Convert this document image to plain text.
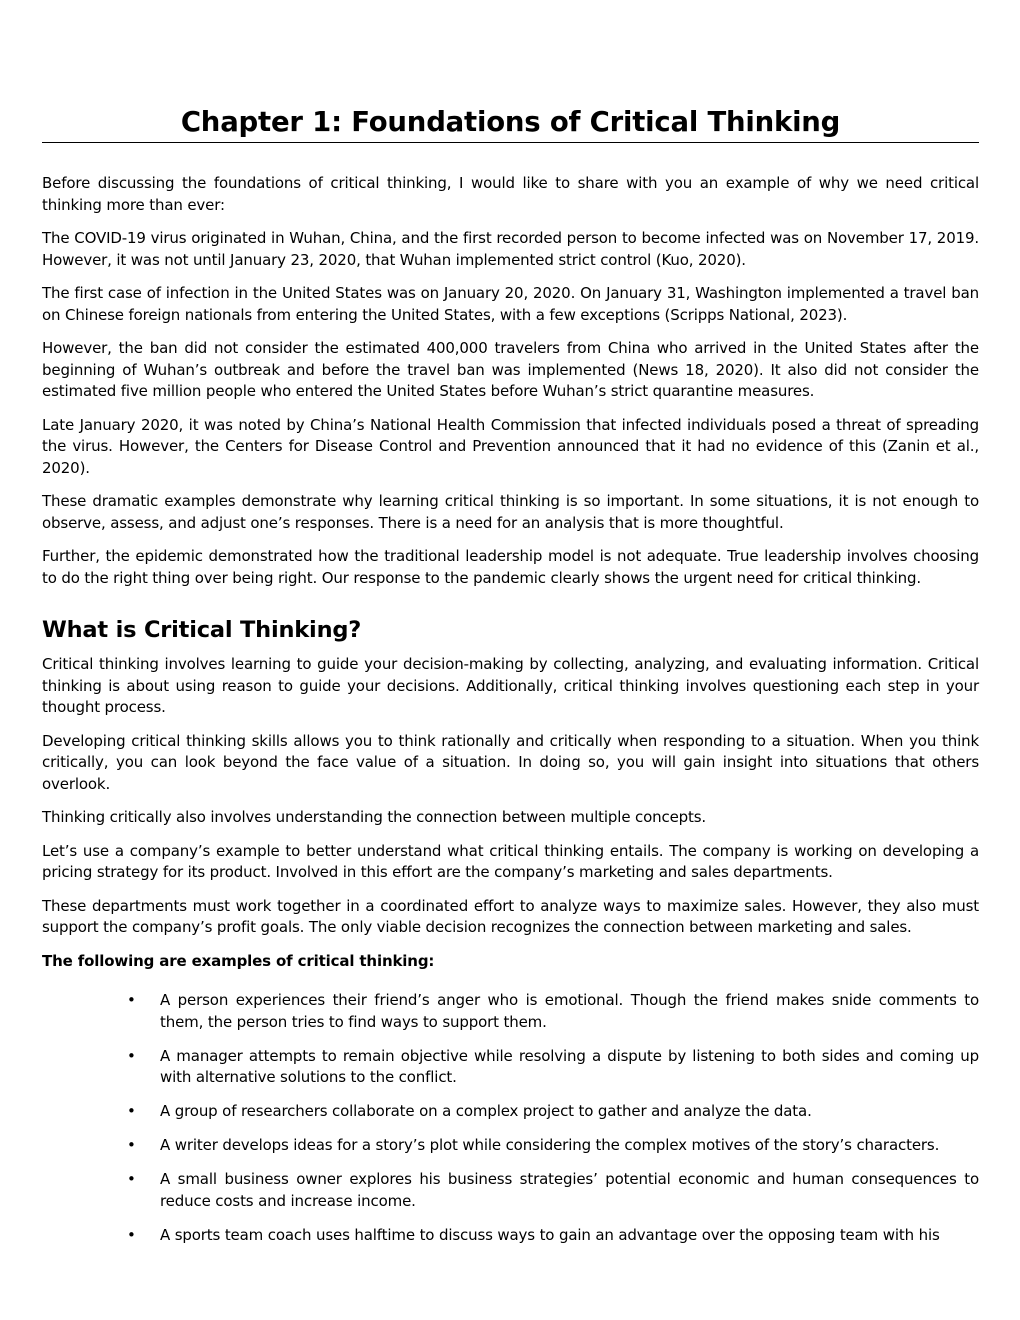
Chapter 1: Foundations of Critical Thinking

Before discussing the foundations of critical thinking, I would like to share with you an example of why we need critical thinking more than ever:

The COVID-19 virus originated in Wuhan, China, and the first recorded person to become infected was on November 17, 2019. However, it was not until January 23, 2020, that Wuhan implemented strict control (Kuo, 2020).

The first case of infection in the United States was on January 20, 2020. On January 31, Washington implemented a travel ban on Chinese foreign nationals from entering the United States, with a few exceptions (Scripps National, 2023).

However, the ban did not consider the estimated 400,000 travelers from China who arrived in the United States after the beginning of Wuhan’s outbreak and before the travel ban was implemented (News 18, 2020). It also did not consider the estimated five million people who entered the United States before Wuhan’s strict quarantine measures.

Late January 2020, it was noted by China’s National Health Commission that infected individuals posed a threat of spreading the virus. However, the Centers for Disease Control and Prevention announced that it had no evidence of this (Zanin et al., 2020).

These dramatic examples demonstrate why learning critical thinking is so important. In some situations, it is not enough to observe, assess, and adjust one’s responses. There is a need for an analysis that is more thoughtful.

Further, the epidemic demonstrated how the traditional leadership model is not adequate. True leadership involves choosing to do the right thing over being right. Our response to the pandemic clearly shows the urgent need for critical thinking.

What is Critical Thinking?

Critical thinking involves learning to guide your decision-making by collecting, analyzing, and evaluating information. Critical thinking is about using reason to guide your decisions. Additionally, critical thinking involves questioning each step in your thought process.

Developing critical thinking skills allows you to think rationally and critically when responding to a situation. When you think critically, you can look beyond the face value of a situation. In doing so, you will gain insight into situations that others overlook.

Thinking critically also involves understanding the connection between multiple concepts.

Let’s use a company’s example to better understand what critical thinking entails. The company is working on developing a pricing strategy for its product. Involved in this effort are the company’s marketing and sales departments.

These departments must work together in a coordinated effort to analyze ways to maximize sales. However, they also must support the company’s profit goals. The only viable decision recognizes the connection between marketing and sales.

The following are examples of critical thinking:

• A person experiences their friend’s anger who is emotional. Though the friend makes snide comments to them, the person tries to find ways to support them.
• A manager attempts to remain objective while resolving a dispute by listening to both sides and coming up with alternative solutions to the conflict.
• A group of researchers collaborate on a complex project to gather and analyze the data.
• A writer develops ideas for a story’s plot while considering the complex motives of the story’s characters.
• A small business owner explores his business strategies’ potential economic and human consequences to reduce costs and increase income.
• A sports team coach uses halftime to discuss ways to gain an advantage over the opposing team with his
